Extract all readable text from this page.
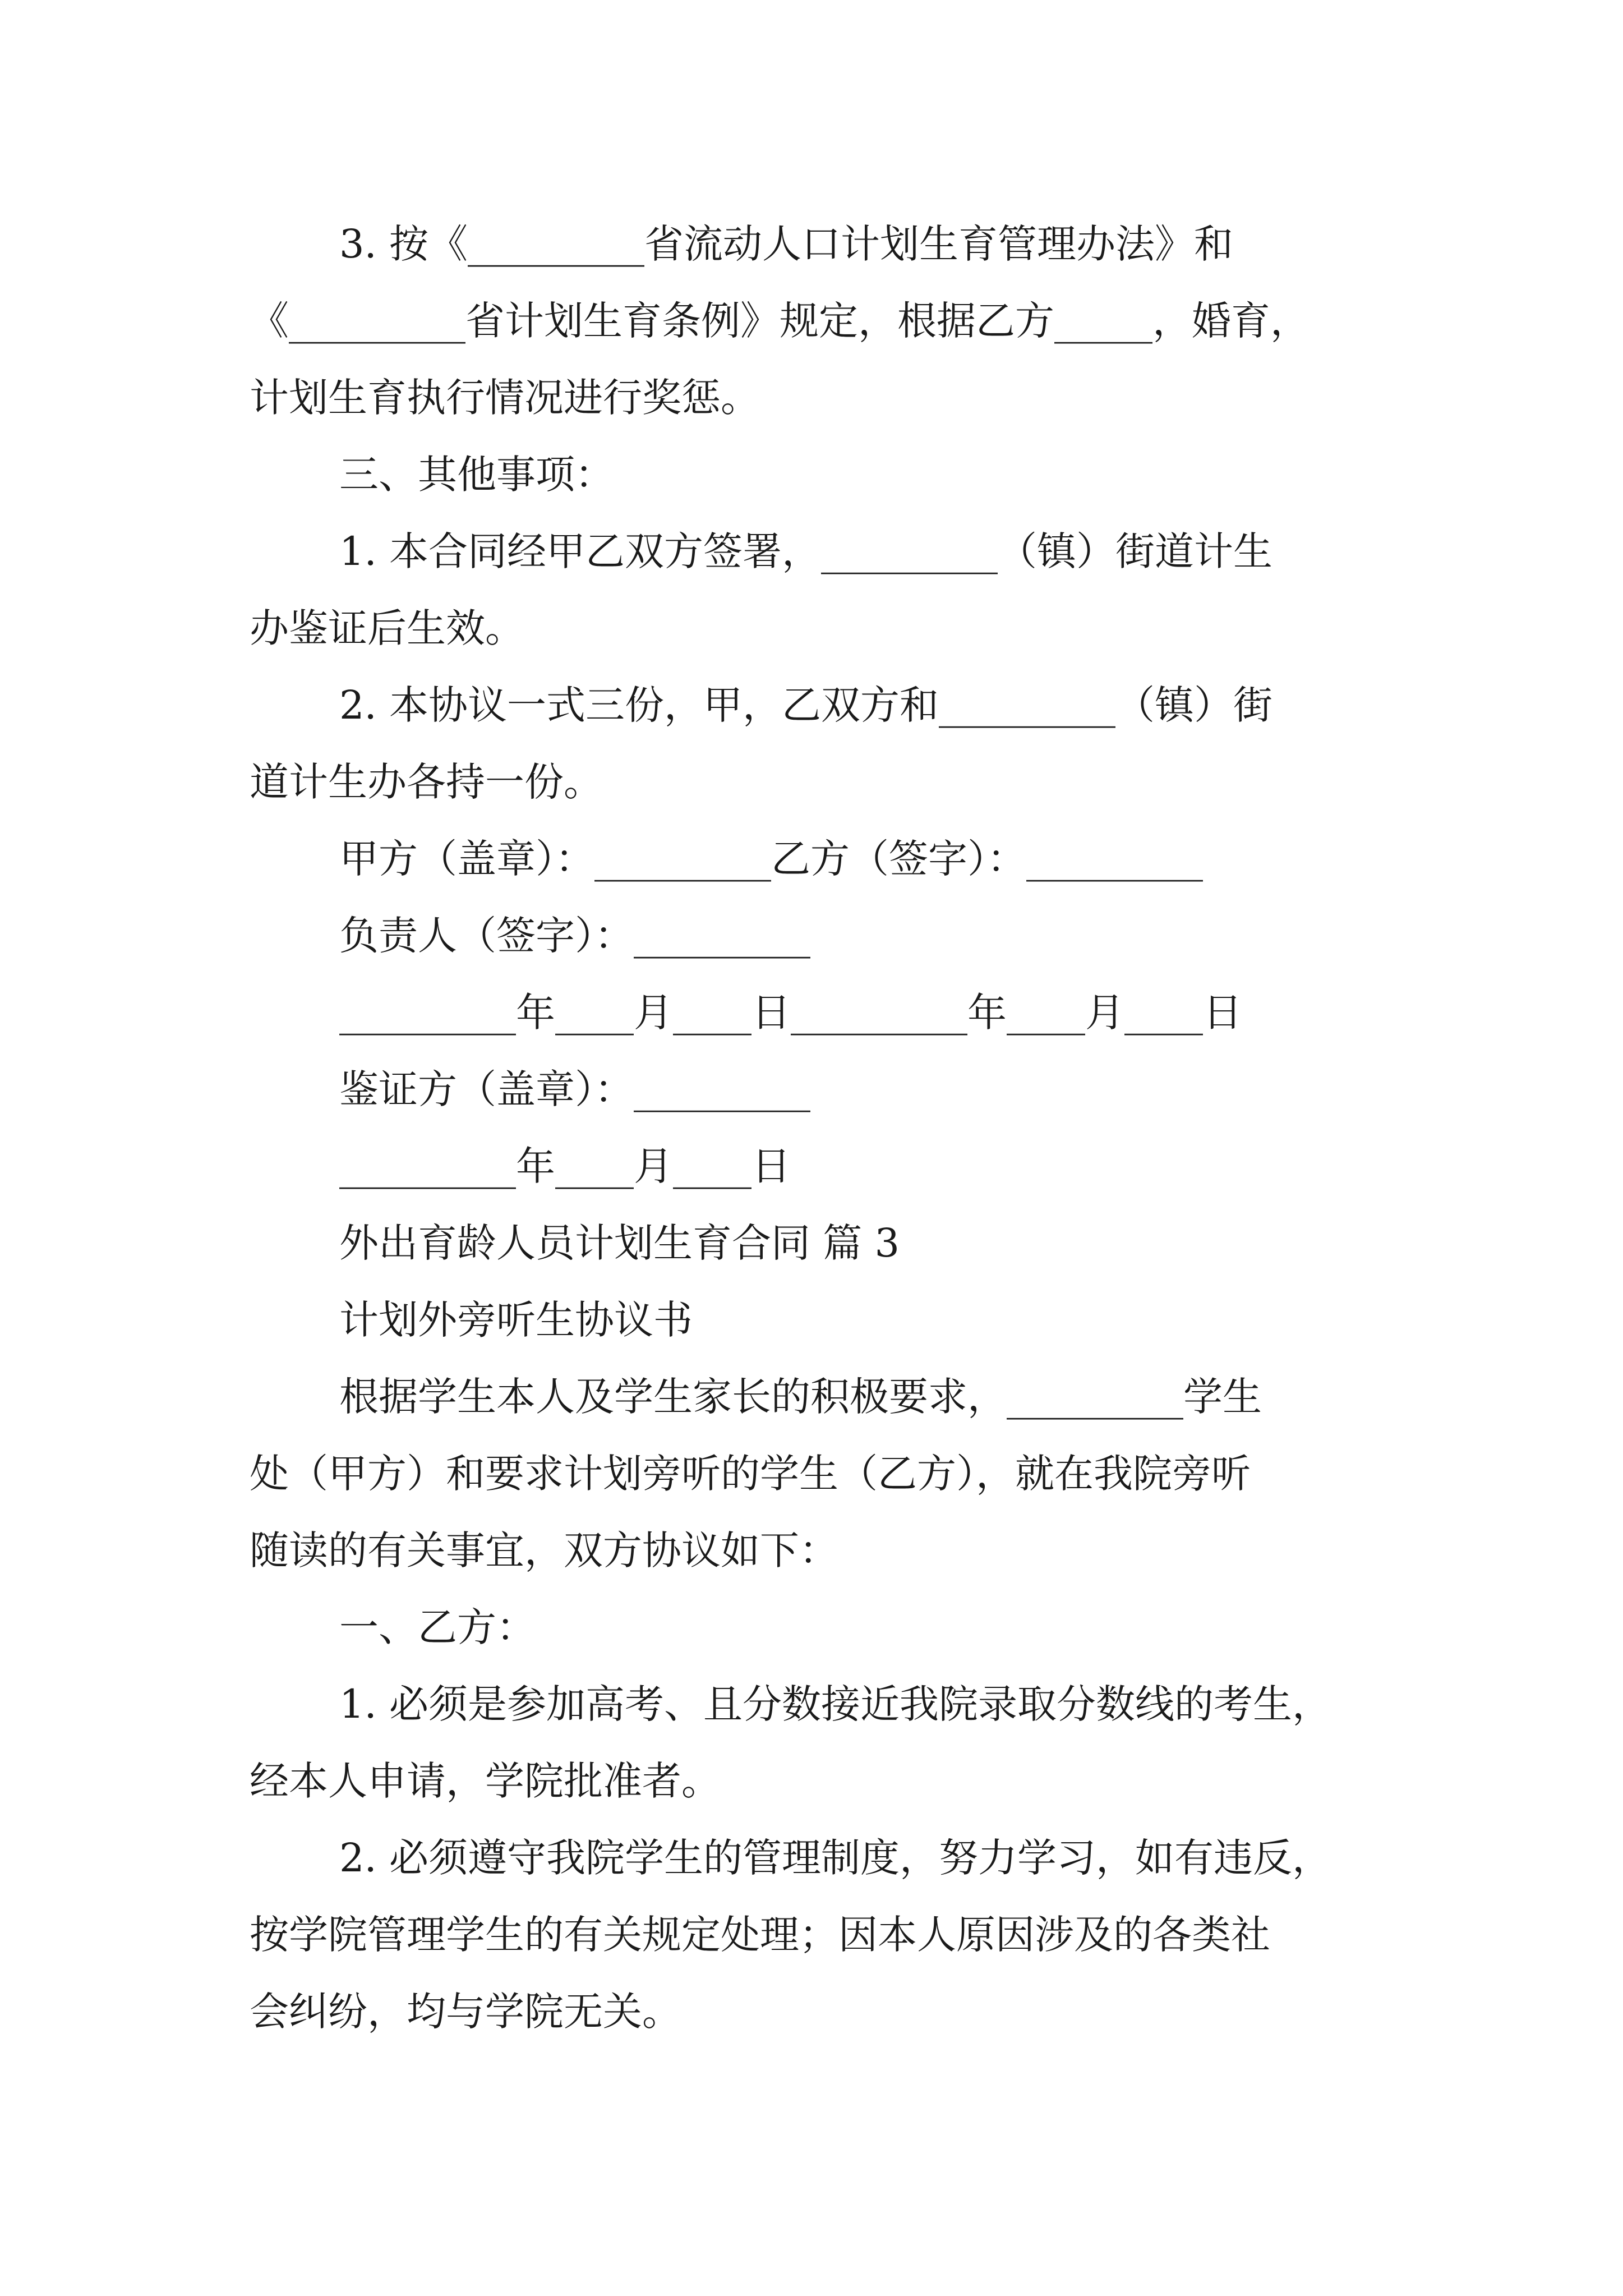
3. 按《_________省流动人口计划生育管理办法》和
《_________省计划生育条例》规定，根据乙方_____，婚育，
计划生育执行情况进行奖惩。
三、其他事项：
1. 本合同经甲乙双方签署，_________（镇）街道计生
办鉴证后生效。
2. 本协议一式三份，甲，乙双方和_________（镇）街
道计生办各持一份。
甲方（盖章）：_________乙方（签字）：_________
负责人（签字）：_________
_________年____月____日_________年____月____日
鉴证方（盖章）：_________
_________年____月____日
外出育龄人员计划生育合同 篇 3
计划外旁听生协议书
根据学生本人及学生家长的积极要求，_________学生
处（甲方）和要求计划旁听的学生（乙方），就在我院旁听
随读的有关事宜，双方协议如下：
一、乙方：
1. 必须是参加高考、且分数接近我院录取分数线的考生，
经本人申请，学院批准者。
2. 必须遵守我院学生的管理制度，努力学习，如有违反，
按学院管理学生的有关规定处理；因本人原因涉及的各类社
会纠纷，均与学院无关。
